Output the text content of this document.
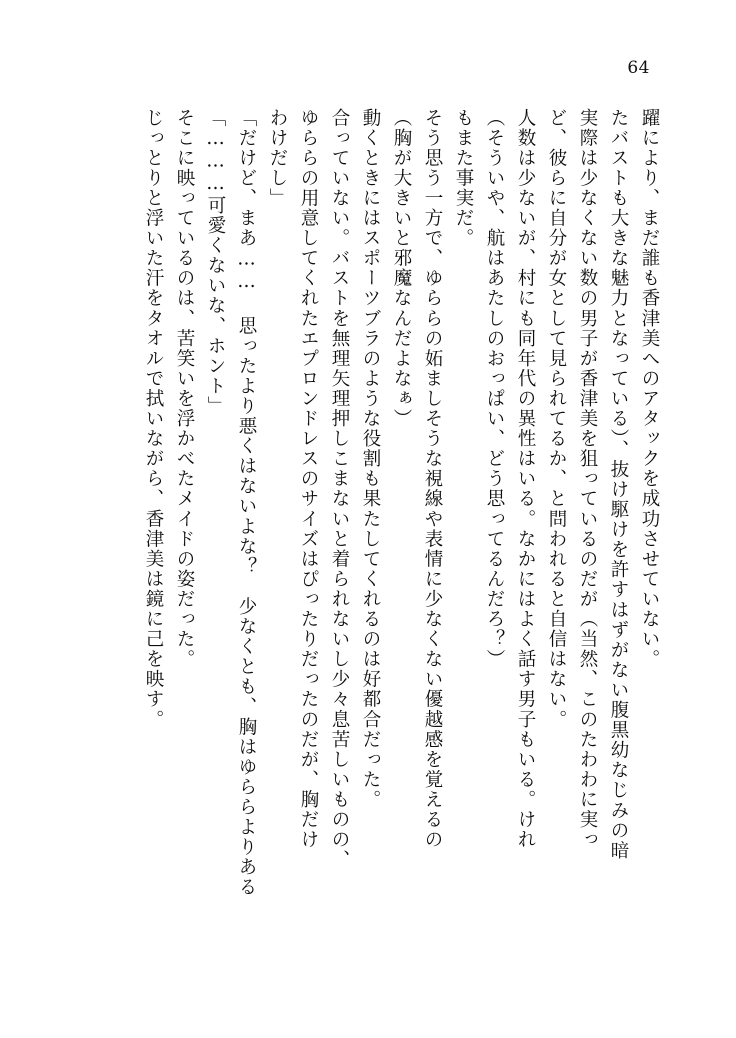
64
じっとりと浮いた汗をタオルで拭いながら、香津美は鏡に己を映す。 そこに映っているのは、苦笑いを浮かべたメイドの姿だった。 「………可愛くないな、ホント」 「だけど、まあ…… 思ったより悪くはないよな？　少なくとも、胸はゆららよりある わけだし」 ゆららの用意してくれたエプロンドレスのサイズはぴったりだったのだが、胸だけ 合っていない。バストを無理矢理押しこまないと着られないし少々息苦しいものの、 動くときにはスポーツブラのような役割も果たしてくれるのは好都合だった。 （胸が大きいと邪魔なんだよなぁ） そう思う一方で、ゆららの妬ましそうな視線や表情に少なくない優越感を覚えるの もまた事実だ。 （そういや、航はあたしのおっぱい、どう思ってるんだろ？） 人数は少ないが、村にも同年代の異性はいる。なかにはよく話す男子もいる。けれ ど、彼らに自分が女として見られてるか、と問われると自信はない。 実際は少なくない数の男子が香津美を狙っているのだが（当然、このたわわに実っ たバストも大きな魅力となっている）、抜け駆けを許すはずがない腹黒幼なじみの暗 躍により、まだ誰も香津美へのアタックを成功させていない。
